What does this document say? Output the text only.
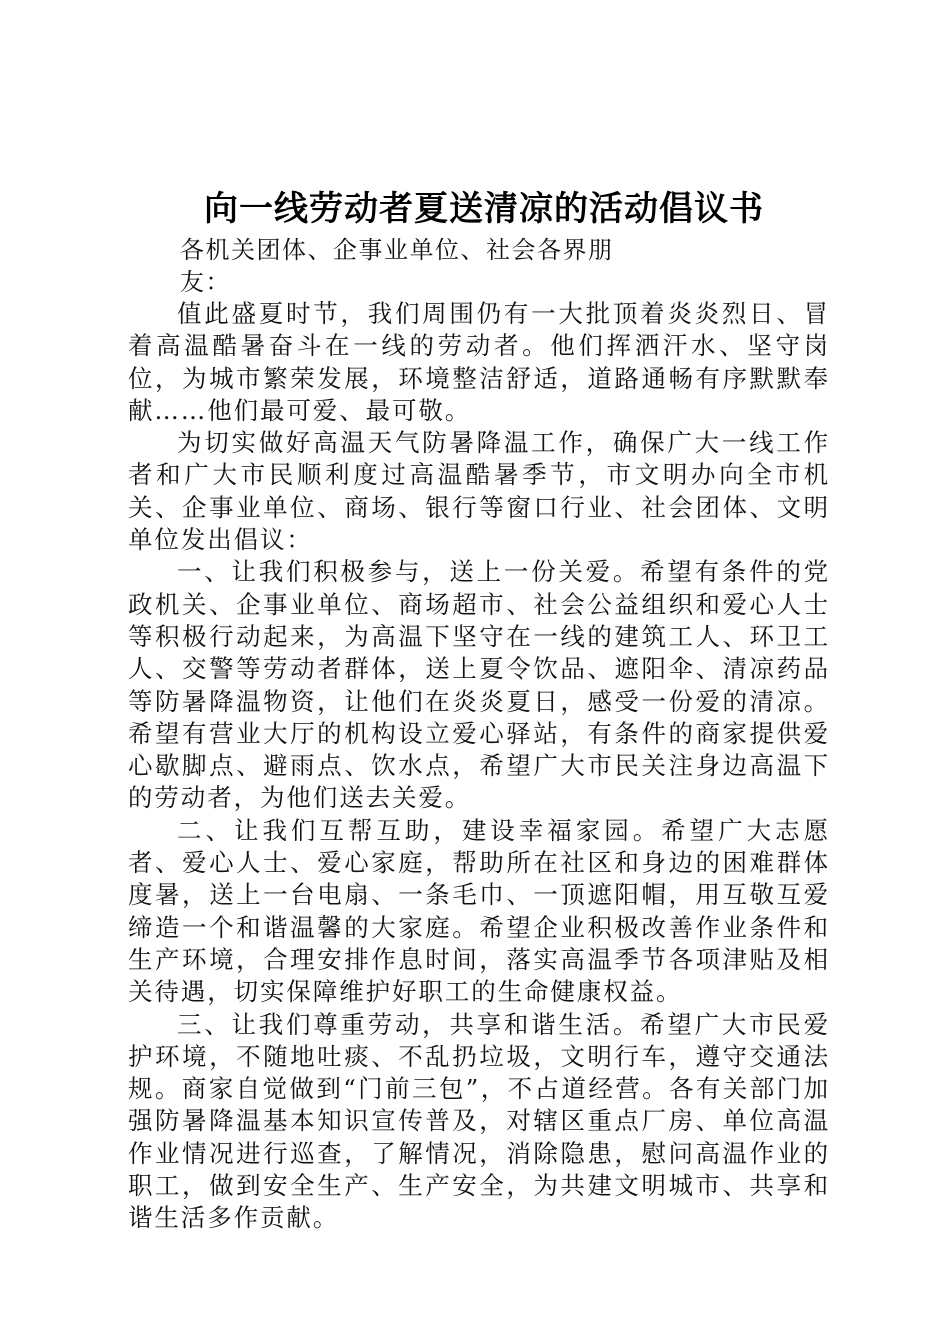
向一线劳动者夏送清凉的活动倡议书

各机关团体、企事业单位、社会各界朋友：

值此盛夏时节，我们周围仍有一大批顶着炎炎烈日、冒着高温酷暑奋斗在一线的劳动者。他们挥洒汗水、坚守岗位，为城市繁荣发展，环境整洁舒适，道路通畅有序默默奉献……他们最可爱、最可敬。

为切实做好高温天气防暑降温工作，确保广大一线工作者和广大市民顺利度过高温酷暑季节，市文明办向全市机关、企事业单位、商场、银行等窗口行业、社会团体、文明单位发出倡议：

一、让我们积极参与，送上一份关爱。希望有条件的党政机关、企事业单位、商场超市、社会公益组织和爱心人士等积极行动起来，为高温下坚守在一线的建筑工人、环卫工人、交警等劳动者群体，送上夏令饮品、遮阳伞、清凉药品等防暑降温物资，让他们在炎炎夏日，感受一份爱的清凉。希望有营业大厅的机构设立爱心驿站，有条件的商家提供爱心歇脚点、避雨点、饮水点，希望广大市民关注身边高温下的劳动者，为他们送去关爱。

二、让我们互帮互助，建设幸福家园。希望广大志愿者、爱心人士、爱心家庭，帮助所在社区和身边的困难群体度暑，送上一台电扇、一条毛巾、一顶遮阳帽，用互敬互爱缔造一个和谐温馨的大家庭。希望企业积极改善作业条件和生产环境，合理安排作息时间，落实高温季节各项津贴及相关待遇，切实保障维护好职工的生命健康权益。

三、让我们尊重劳动，共享和谐生活。希望广大市民爱护环境，不随地吐痰、不乱扔垃圾，文明行车，遵守交通法规。商家自觉做到“门前三包”，不占道经营。各有关部门加强防暑降温基本知识宣传普及，对辖区重点厂房、单位高温作业情况进行巡查，了解情况，消除隐患，慰问高温作业的职工，做到安全生产、生产安全，为共建文明城市、共享和谐生活多作贡献。
